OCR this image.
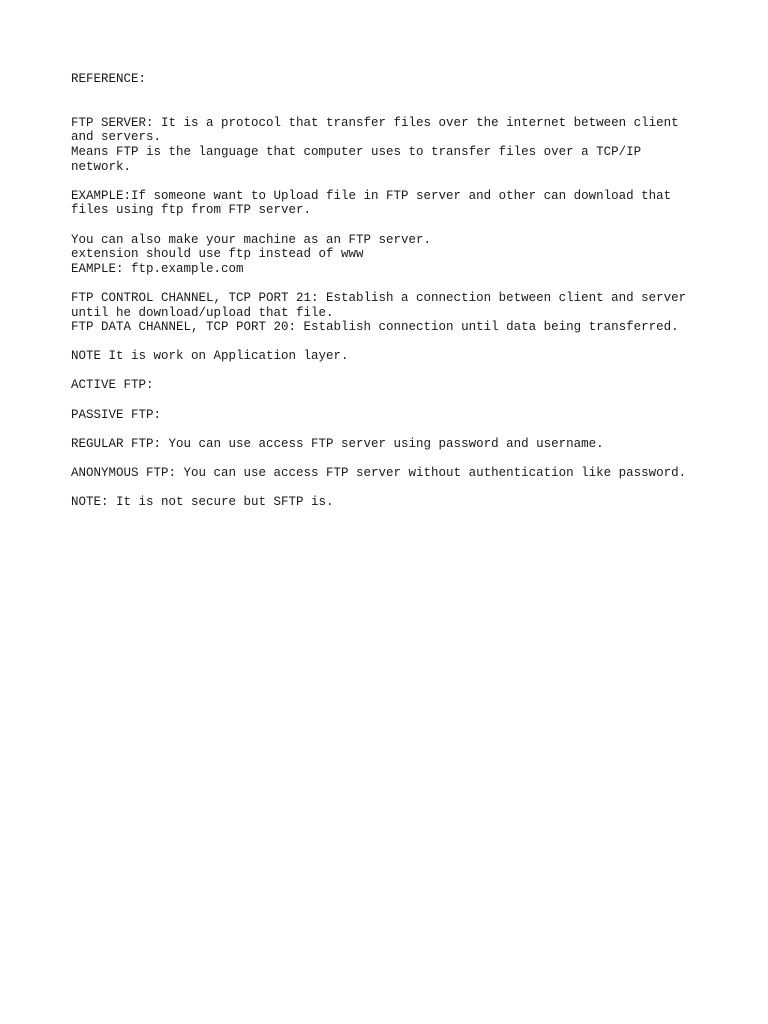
REFERENCE:

FTP SERVER: It is a protocol that transfer files over the internet between client
and servers.
Means FTP is the language that computer uses to transfer files over a TCP/IP
network.

EXAMPLE:If someone want to Upload file in FTP server and other can download that
files using ftp from FTP server.

You can also make your machine as an FTP server.
extension should use ftp instead of www
EAMPLE: ftp.example.com

FTP CONTROL CHANNEL, TCP PORT 21: Establish a connection between client and server
until he download/upload that file.
FTP DATA CHANNEL, TCP PORT 20: Establish connection until data being transferred.

NOTE It is work on Application layer.

ACTIVE FTP:

PASSIVE FTP:

REGULAR FTP: You can use access FTP server using password and username.

ANONYMOUS FTP: You can use access FTP server without authentication like password.

NOTE: It is not secure but SFTP is.
